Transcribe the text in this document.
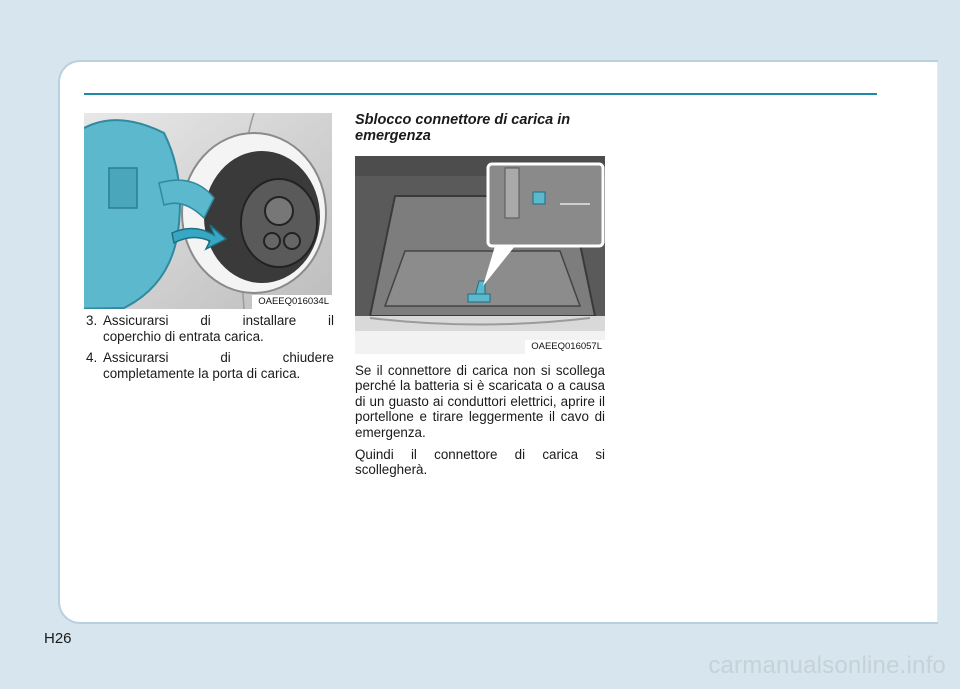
OAEEQ016034L
3. Assicurarsi di installare il
coperchio di entrata carica.
4. Assicurarsi di chiudere
completamente la porta di carica.
Sblocco connettore di carica in emergenza
OAEEQ016057L

Se il connettore di carica non si scollega perché la batteria si è scaricata o a causa di un guasto ai conduttori elettrici, aprire il portellone e tirare leggermente il cavo di emergenza.

Quindi il connettore di carica si scollegherà.

H26
carmanualsonline.info
